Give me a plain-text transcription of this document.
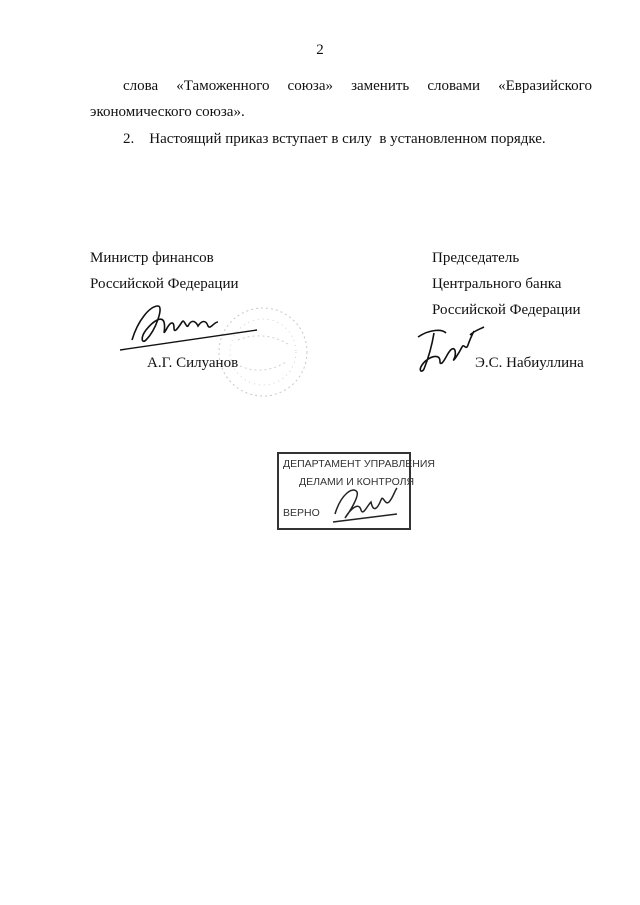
2
слова «Таможенного союза» заменить словами «Евразийского
экономического союза».
2.    Настоящий приказ вступает в силу  в установленном порядке.
Министр финансов
Российской Федерации
А.Г. Силуанов
Председатель
Центрального банка
Российской Федерации
Э.С. Набиуллина
ДЕПАРТАМЕНТ УПРАВЛЕНИЯ
ДЕЛАМИ И КОНТРОЛЯ
ВЕРНО
